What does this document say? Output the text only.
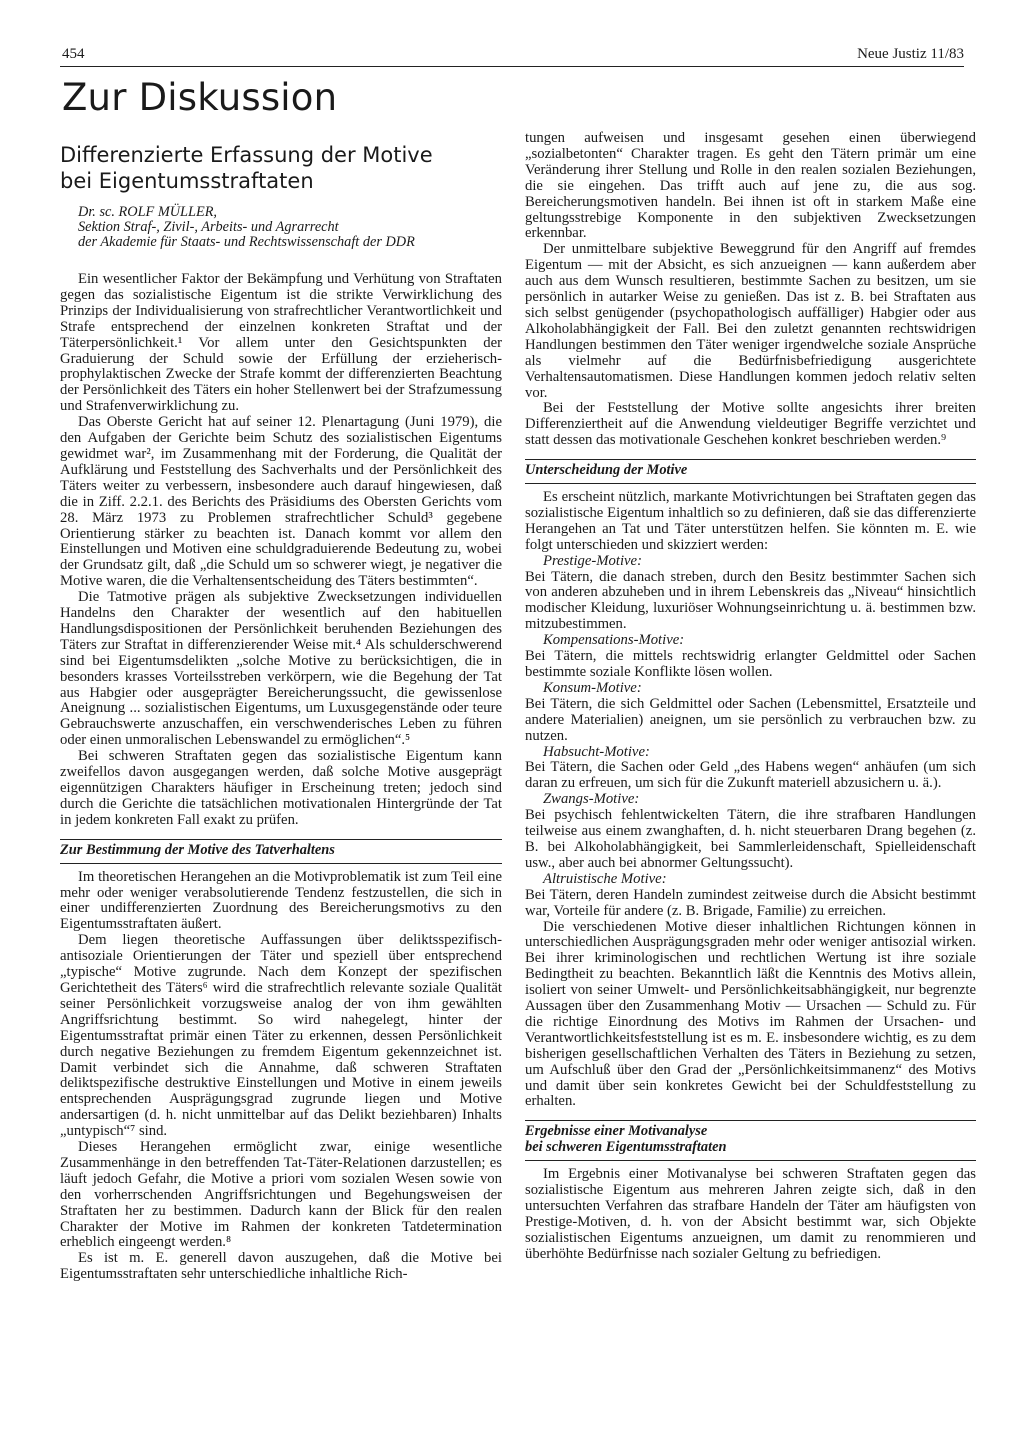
454	Neue Justiz 11/83
Zur Diskussion
Differenzierte Erfassung der Motive
bei Eigentumsstraftaten
Dr. sc. ROLF MÜLLER,
Sektion Straf-, Zivil-, Arbeits- und Agrarrecht
der Akademie für Staats- und Rechtswissenschaft der DDR

Ein wesentlicher Faktor der Bekämpfung und Verhütung von Straftaten gegen das sozialistische Eigentum ist die strikte Verwirklichung des Prinzips der Individualisierung von strafrechtlicher Verantwortlichkeit und Strafe entsprechend der einzelnen konkreten Straftat und der Täterpersönlichkeit.¹ Vor allem unter den Gesichtspunkten der Graduierung der Schuld sowie der Erfüllung der erzieherisch-prophylaktischen Zwecke der Strafe kommt der differenzierten Beachtung der Persönlichkeit des Täters ein hoher Stellenwert bei der Strafzumessung und Strafenverwirklichung zu.

Das Oberste Gericht hat auf seiner 12. Plenartagung (Juni 1979), die den Aufgaben der Gerichte beim Schutz des sozialistischen Eigentums gewidmet war², im Zusammenhang mit der Forderung, die Qualität der Aufklärung und Feststellung des Sachverhalts und der Persönlichkeit des Täters weiter zu verbessern, insbesondere auch darauf hingewiesen, daß die in Ziff. 2.2.1. des Berichts des Präsidiums des Obersten Gerichts vom 28. März 1973 zu Problemen strafrechtlicher Schuld³ gegebene Orientierung stärker zu beachten ist. Danach kommt vor allem den Einstellungen und Motiven eine schuldgraduierende Bedeutung zu, wobei der Grundsatz gilt, daß „die Schuld um so schwerer wiegt, je negativer die Motive waren, die die Verhaltensentscheidung des Täters bestimmten“.

Die Tatmotive prägen als subjektive Zwecksetzungen individuellen Handelns den Charakter der wesentlich auf den habituellen Handlungsdispositionen der Persönlichkeit beruhenden Beziehungen des Täters zur Straftat in differenzierender Weise mit.⁴ Als schulderschwerend sind bei Eigentumsdelikten „solche Motive zu berücksichtigen, die in besonders krasses Vorteilsstreben verkörpern, wie die Begehung der Tat aus Habgier oder ausgeprägter Bereicherungssucht, die gewissenlose Aneignung ... sozialistischen Eigentums, um Luxusgegenstände oder teure Gebrauchswerte anzuschaffen, ein verschwenderisches Leben zu führen oder einen unmoralischen Lebenswandel zu ermöglichen“.⁵

Bei schweren Straftaten gegen das sozialistische Eigentum kann zweifellos davon ausgegangen werden, daß solche Motive ausgeprägt eigennützigen Charakters häufiger in Erscheinung treten; jedoch sind durch die Gerichte die tatsächlichen motivationalen Hintergründe der Tat in jedem konkreten Fall exakt zu prüfen.

Zur Bestimmung der Motive des Tatverhaltens

Im theoretischen Herangehen an die Motivproblematik ist zum Teil eine mehr oder weniger verabsolutierende Tendenz festzustellen, die sich in einer undifferenzierten Zuordnung des Bereicherungsmotivs zu den Eigentumsstraftaten äußert.

Dem liegen theoretische Auffassungen über deliktsspezifisch-antisoziale Orientierungen der Täter und speziell über entsprechend „typische“ Motive zugrunde. Nach dem Konzept der spezifischen Gerichtetheit des Täters⁶ wird die strafrechtlich relevante soziale Qualität seiner Persönlichkeit vorzugsweise analog der von ihm gewählten Angriffsrichtung bestimmt. So wird nahegelegt, hinter der Eigentumsstraftat primär einen Täter zu erkennen, dessen Persönlichkeit durch negative Beziehungen zu fremdem Eigentum gekennzeichnet ist. Damit verbindet sich die Annahme, daß schweren Straftaten deliktspezifische destruktive Einstellungen und Motive in einem jeweils entsprechenden Ausprägungsgrad zugrunde liegen und Motive andersartigen (d. h. nicht unmittelbar auf das Delikt beziehbaren) Inhalts „untypisch“⁷ sind.

Dieses Herangehen ermöglicht zwar, einige wesentliche Zusammenhänge in den betreffenden Tat-Täter-Relationen darzustellen; es läuft jedoch Gefahr, die Motive a priori vom sozialen Wesen sowie von den vorherrschenden Angriffsrichtungen und Begehungsweisen der Straftaten her zu bestimmen. Dadurch kann der Blick für den realen Charakter der Motive im Rahmen der konkreten Tatdetermination erheblich eingeengt werden.⁸

Es ist m. E. generell davon auszugehen, daß die Motive bei Eigentumsstraftaten sehr unterschiedliche inhaltliche Rich-

tungen aufweisen und insgesamt gesehen einen überwiegend „sozialbetonten“ Charakter tragen. Es geht den Tätern primär um eine Veränderung ihrer Stellung und Rolle in den realen sozialen Beziehungen, die sie eingehen. Das trifft auch auf jene zu, die aus sog. Bereicherungsmotiven handeln. Bei ihnen ist oft in starkem Maße eine geltungsstrebige Komponente in den subjektiven Zwecksetzungen erkennbar.

Der unmittelbare subjektive Beweggrund für den Angriff auf fremdes Eigentum — mit der Absicht, es sich anzueignen — kann außerdem aber auch aus dem Wunsch resultieren, bestimmte Sachen zu besitzen, um sie persönlich in autarker Weise zu genießen. Das ist z. B. bei Straftaten aus sich selbst genügender (psychopathologisch auffälliger) Habgier oder aus Alkoholabhängigkeit der Fall. Bei den zuletzt genannten rechtswidrigen Handlungen bestimmen den Täter weniger irgendwelche soziale Ansprüche als vielmehr auf die Bedürfnisbefriedigung ausgerichtete Verhaltensautomatismen. Diese Handlungen kommen jedoch relativ selten vor.

Bei der Feststellung der Motive sollte angesichts ihrer breiten Differenziertheit auf die Anwendung vieldeutiger Begriffe verzichtet und statt dessen das motivationale Geschehen konkret beschrieben werden.⁹

Unterscheidung der Motive

Es erscheint nützlich, markante Motivrichtungen bei Straftaten gegen das sozialistische Eigentum inhaltlich so zu definieren, daß sie das differenzierte Herangehen an Tat und Täter unterstützen helfen. Sie könnten m. E. wie folgt unterschieden und skizziert werden:

Prestige-Motive:

Bei Tätern, die danach streben, durch den Besitz bestimmter Sachen sich von anderen abzuheben und in ihrem Lebenskreis das „Niveau“ hinsichtlich modischer Kleidung, luxuriöser Wohnungseinrichtung u. ä. bestimmen bzw. mitzubestimmen.

Kompensations-Motive:

Bei Tätern, die mittels rechtswidrig erlangter Geldmittel oder Sachen bestimmte soziale Konflikte lösen wollen.

Konsum-Motive:

Bei Tätern, die sich Geldmittel oder Sachen (Lebensmittel, Ersatzteile und andere Materialien) aneignen, um sie persönlich zu verbrauchen bzw. zu nutzen.

Habsucht-Motive:

Bei Tätern, die Sachen oder Geld „des Habens wegen“ anhäufen (um sich daran zu erfreuen, um sich für die Zukunft materiell abzusichern u. ä.).

Zwangs-Motive:

Bei psychisch fehlentwickelten Tätern, die ihre strafbaren Handlungen teilweise aus einem zwanghaften, d. h. nicht steuerbaren Drang begehen (z. B. bei Alkoholabhängigkeit, bei Sammlerleidenschaft, Spielleidenschaft usw., aber auch bei abnormer Geltungssucht).

Altruistische Motive:

Bei Tätern, deren Handeln zumindest zeitweise durch die Absicht bestimmt war, Vorteile für andere (z. B. Brigade, Familie) zu erreichen.

Die verschiedenen Motive dieser inhaltlichen Richtungen können in unterschiedlichen Ausprägungsgraden mehr oder weniger antisozial wirken. Bei ihrer kriminologischen und rechtlichen Wertung ist ihre soziale Bedingtheit zu beachten. Bekanntlich läßt die Kenntnis des Motivs allein, isoliert von seiner Umwelt- und Persönlichkeitsabhängigkeit, nur begrenzte Aussagen über den Zusammenhang Motiv — Ursachen — Schuld zu. Für die richtige Einordnung des Motivs im Rahmen der Ursachen- und Verantwortlichkeitsfeststellung ist es m. E. insbesondere wichtig, es zu dem bisherigen gesellschaftlichen Verhalten des Täters in Beziehung zu setzen, um Aufschluß über den Grad der „Persönlichkeitsimmanenz“ des Motivs und damit über sein konkretes Gewicht bei der Schuldfeststellung zu erhalten.

Ergebnisse einer Motivanalyse
bei schweren Eigentumsstraftaten

Im Ergebnis einer Motivanalyse bei schweren Straftaten gegen das sozialistische Eigentum aus mehreren Jahren zeigte sich, daß in den untersuchten Verfahren das strafbare Handeln der Täter am häufigsten von Prestige-Motiven, d. h. von der Absicht bestimmt war, sich Objekte sozialistischen Eigentums anzueignen, um damit zu renommieren und überhöhte Bedürfnisse nach sozialer Geltung zu befriedigen.
